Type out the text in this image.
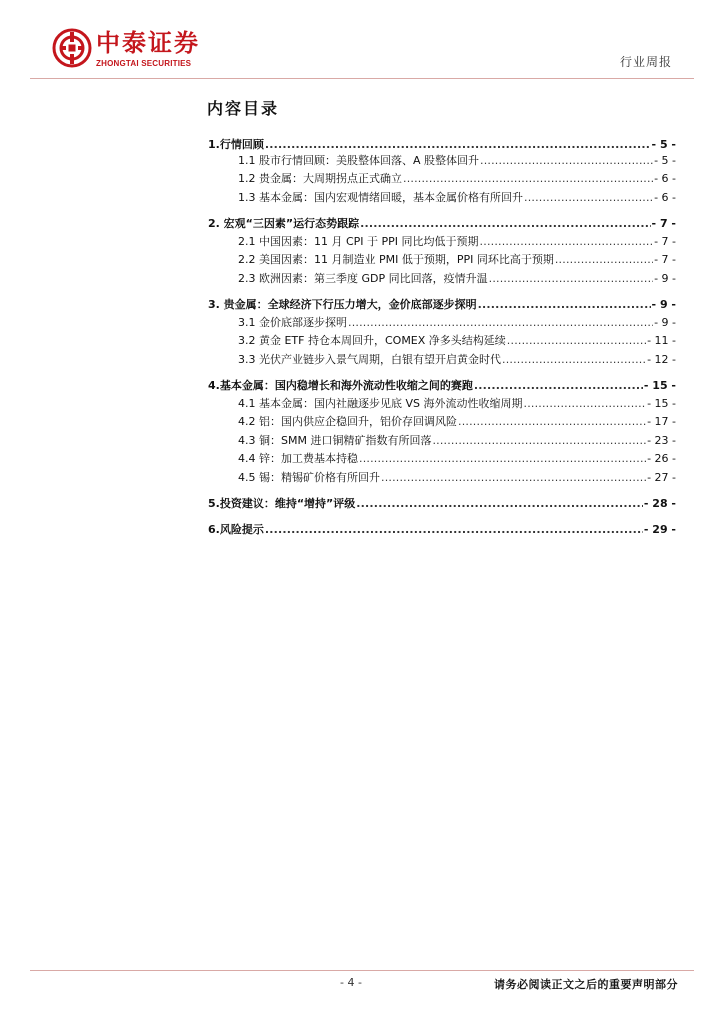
中泰证券
ZHONGTAI SECURITIES	行业周报
内容目录
1.行情回顾 .....	- 5 -
1.1 股市行情回顾：美股整体回落、A 股整体回升 .....	- 5 -
1.2 贵金属：大周期拐点正式确立 .....	- 6 -
1.3 基本金属：国内宏观情绪回暖，基本金属价格有所回升 .....	- 6 -
2. 宏观“三因素”运行态势跟踪 .....	- 7 -
2.1 中国因素：11 月 CPI 于 PPI 同比均低于预期 .....	- 7 -
2.2 美国因素：11 月制造业 PMI 低于预期，PPI 同环比高于预期 .....	- 7 -
2.3 欧洲因素：第三季度 GDP 同比回落，疫情升温 .....	- 9 -
3. 贵金属：全球经济下行压力增大，金价底部逐步探明 .....	- 9 -
3.1 金价底部逐步探明 .....	- 9 -
3.2 黄金 ETF 持仓本周回升，COMEX 净多头结构延续 .....	- 11 -
3.3 光伏产业链步入景气周期，白银有望开启黄金时代 .....	- 12 -
4.基本金属：国内稳增长和海外流动性收缩之间的赛跑 .....	- 15 -
4.1 基本金属：国内社融逐步见底 VS 海外流动性收缩周期 .....	- 15 -
4.2 铝：国内供应企稳回升，铝价存回调风险 .....	- 17 -
4.3 铜：SMM 进口铜精矿指数有所回落 .....	- 23 -
4.4 锌：加工费基本持稳 .....	- 26 -
4.5 锡：精锡矿价格有所回升 .....	- 27 -
5.投资建议：维持“增持”评级 .....	- 28 -
6.风险提示 .....	- 29 -
- 4 -	请务必阅读正文之后的重要声明部分
